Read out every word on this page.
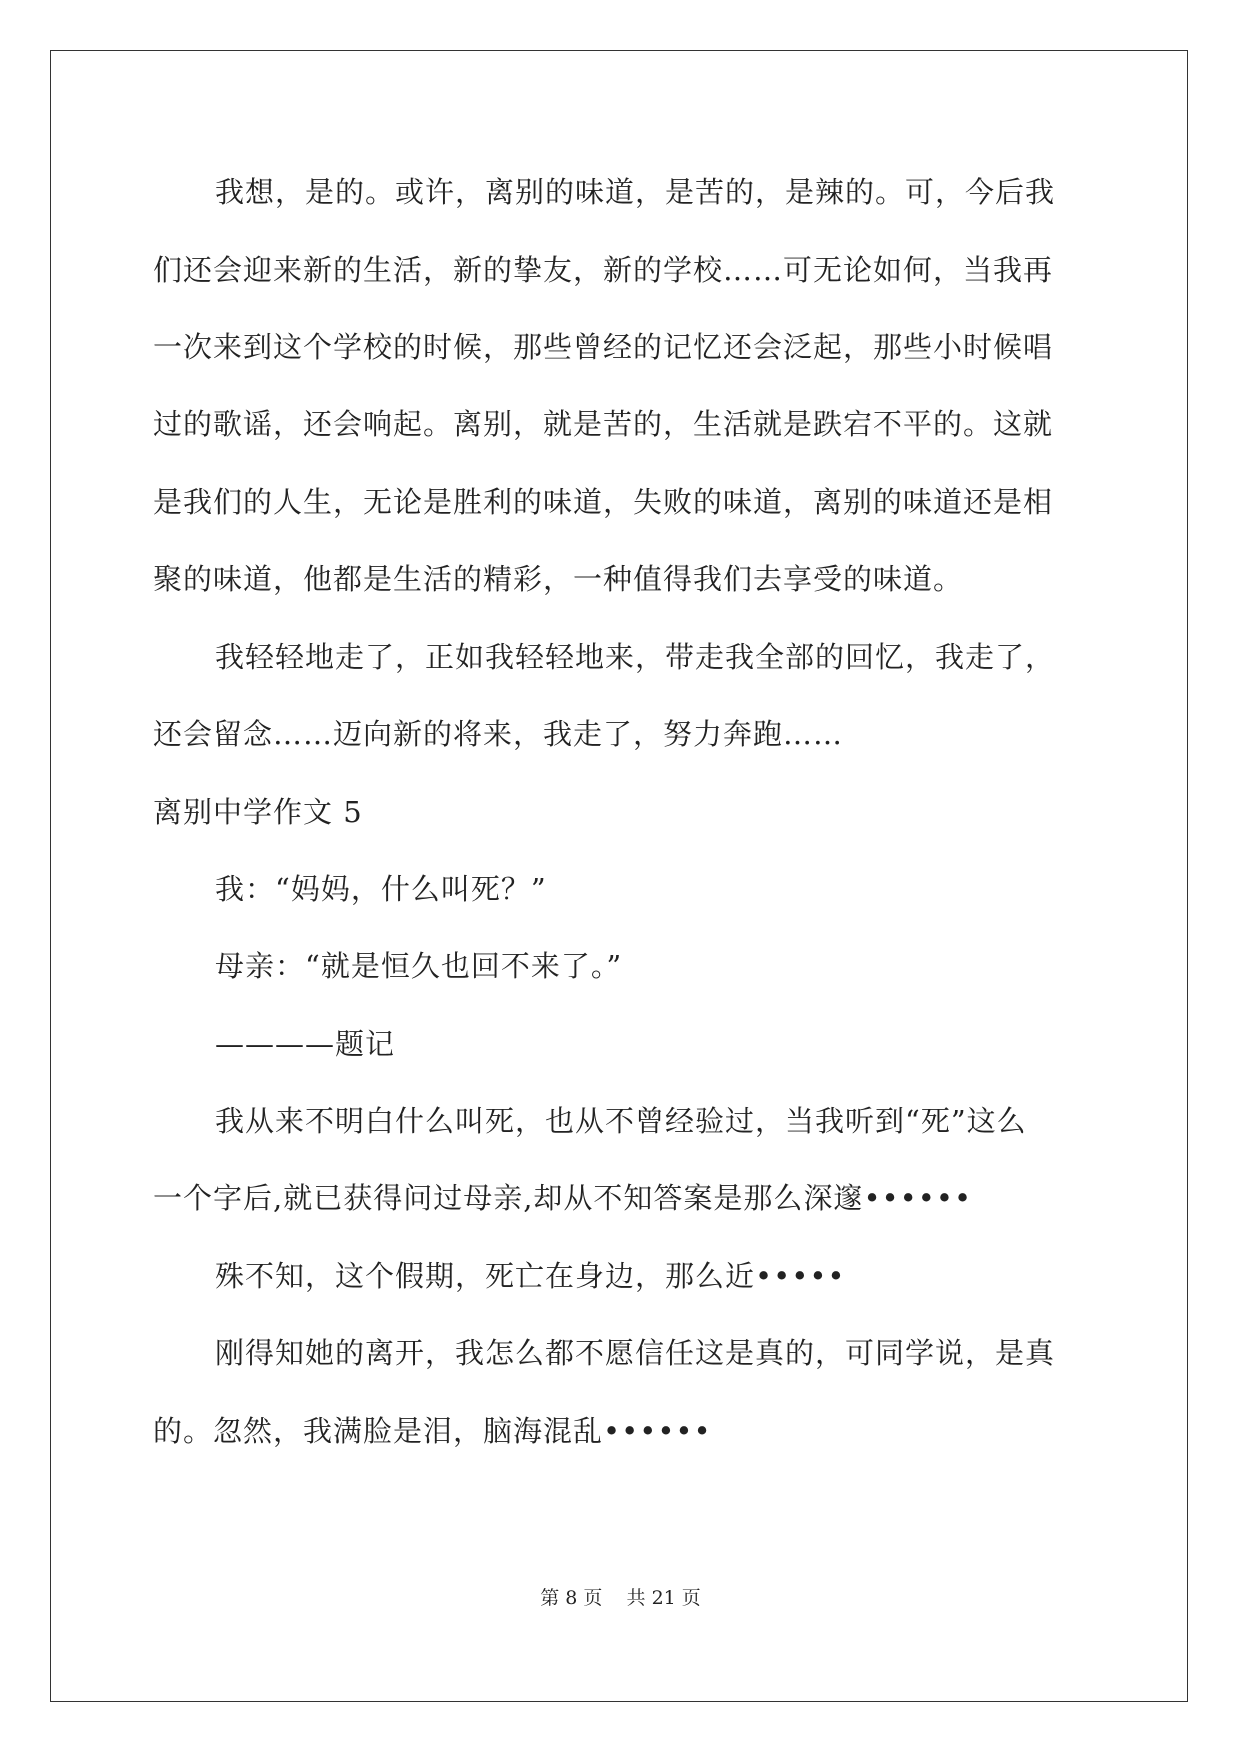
我想，是的。或许，离别的味道，是苦的，是辣的。可，今后我
们还会迎来新的生活，新的挚友，新的学校……可无论如何，当我再
一次来到这个学校的时候，那些曾经的记忆还会泛起，那些小时候唱
过的歌谣，还会响起。离别，就是苦的，生活就是跌宕不平的。这就
是我们的人生，无论是胜利的味道，失败的味道，离别的味道还是相
聚的味道，他都是生活的精彩，一种值得我们去享受的味道。
我轻轻地走了，正如我轻轻地来，带走我全部的回忆，我走了，
还会留念……迈向新的将来，我走了，努力奔跑……
离别中学作文 5
我：“妈妈，什么叫死？”
母亲：“就是恒久也回不来了。”
————题记
我从来不明白什么叫死，也从不曾经验过，当我听到“死”这么
一个字后,就已获得问过母亲,却从不知答案是那么深邃••••••
殊不知，这个假期，死亡在身边，那么近•••••
刚得知她的离开，我怎么都不愿信任这是真的，可同学说，是真
的。忽然，我满脸是泪，脑海混乱••••••
第 8 页    共 21 页
